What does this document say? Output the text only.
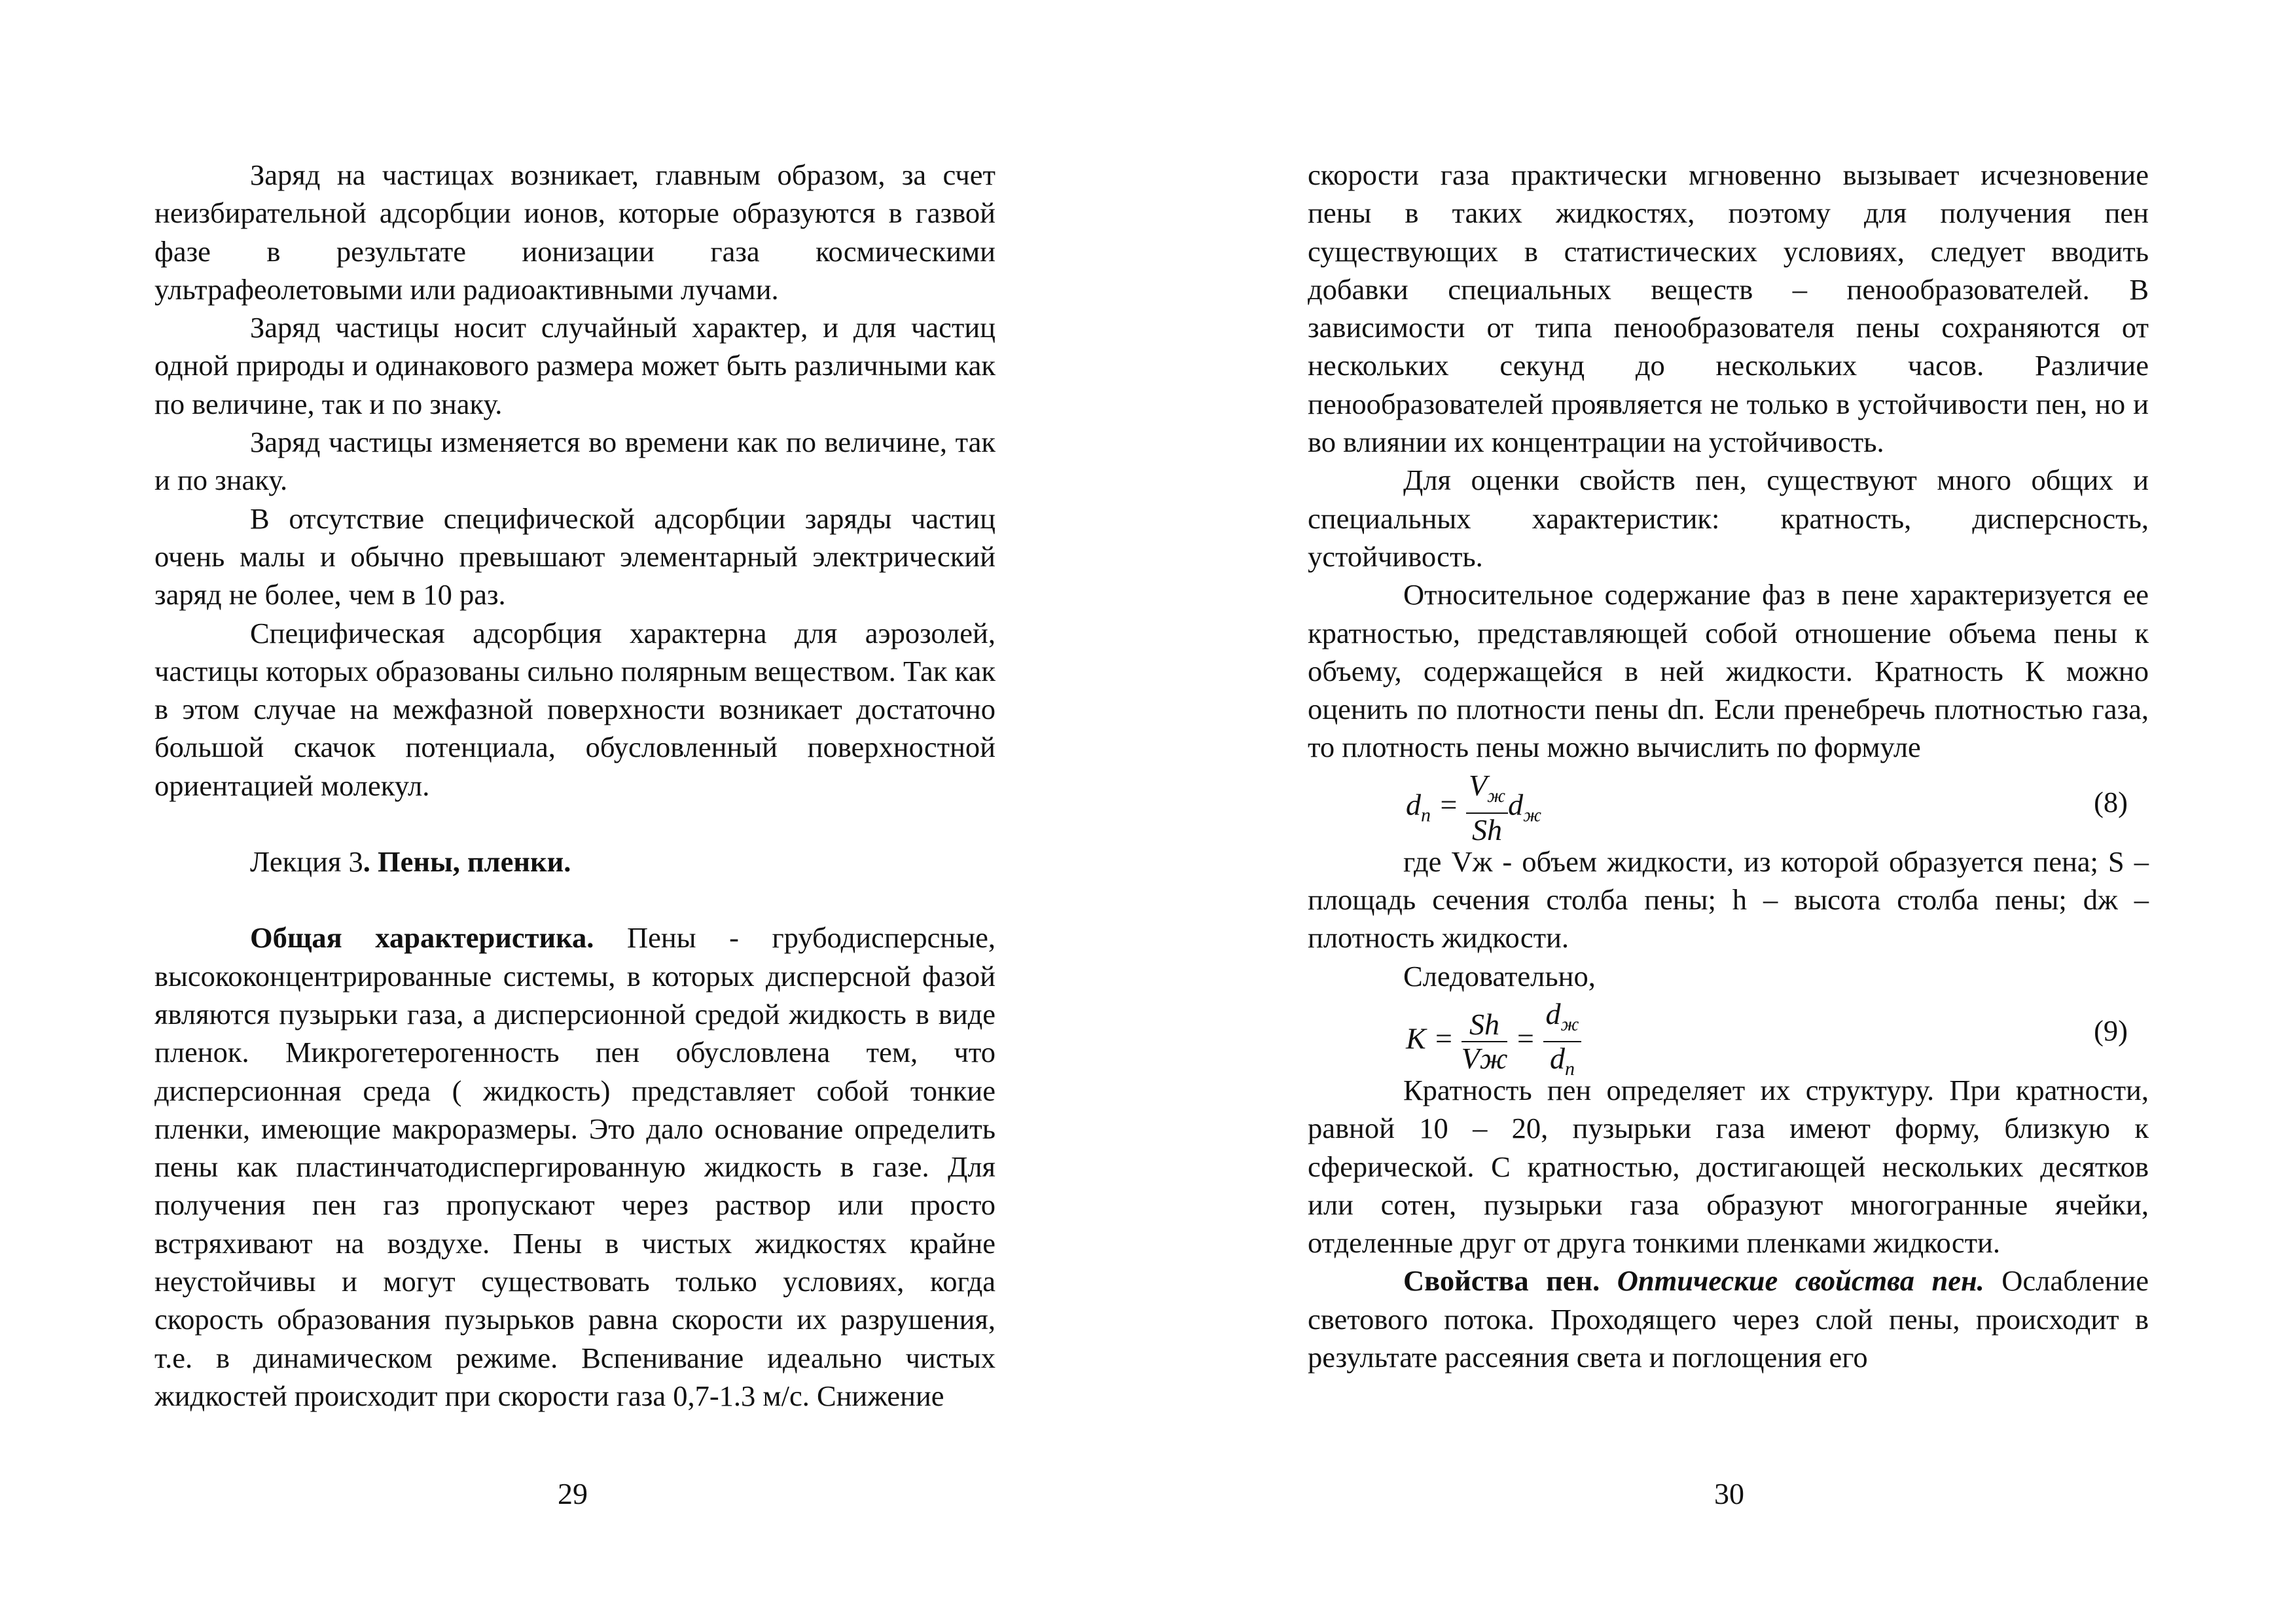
Заряд на частицах возникает, главным образом, за счет неизбирательной адсорбции ионов, которые образуются в газвой фазе в результате ионизации газа космическими ультрафеолетовыми или радиоактивными лучами.

Заряд частицы носит случайный характер, и для частиц одной природы и одинакового размера может быть различными как по величине, так и по знаку.

Заряд частицы изменяется во времени как по величине, так и по знаку.

В отсутствие специфической адсорбции заряды частиц очень малы и обычно превышают элементарный электрический заряд не более, чем в 10 раз.

Специфическая адсорбция характерна для аэрозолей, частицы которых образованы сильно полярным веществом. Так как в этом случае на межфазной поверхности возникает достаточно большой скачок потенциала, обусловленный поверхностной ориентацией молекул.

Лекция 3. Пены, пленки.

Общая характеристика. Пены - грубодисперсные, высококонцентрированные системы, в которых дисперсной фазой являются пузырьки газа, а дисперсионной средой жидкость в виде пленок. Микрогетерогенность пен обусловлена тем, что дисперсионная среда ( жидкость) представляет собой тонкие пленки, имеющие макроразмеры. Это дало основание определить пены как пластинчатодиспергированную жидкость в газе. Для получения пен газ пропускают через раствор или просто встряхивают на воздухе. Пены в чистых жидкостях крайне неустойчивы и могут существовать только условиях, когда скорость образования пузырьков равна скорости их разрушения, т.е. в динамическом режиме. Вспенивание идеально чистых жидкостей происходит при скорости газа 0,7-1.3 м/с. Снижение

29

скорости газа практически мгновенно вызывает исчезновение пены в таких жидкостях, поэтому для получения пен существующих в статистических условиях, следует вводить добавки специальных веществ – пенообразователей. В зависимости от типа пенообразователя пены сохраняются от нескольких секунд до нескольких часов. Различие пенообразователей проявляется не только в устойчивости пен, но и во влиянии их концентрации на устойчивость.

Для оценки свойств пен, существуют много общих и специальных характеристик: кратность, дисперсность, устойчивость.

Относительное содержание фаз в пене характеризуется ее кратностью, представляющей собой отношение объема пены к объему, содержащейся в ней жидкости. Кратность К можно оценить по плотности пены dп. Если пренебречь плотностью газа, то плотность пены можно вычислить по формуле

$d_п = \frac{V_ж}{Sh} d_ж$	(8)

где Vж - объем жидкости, из которой образуется пена; S – площадь сечения столба пены; h – высота столба пены; dж – плотность жидкости.

Следовательно,

$К = \frac{Sh}{Vж} = \frac{d_ж}{d_п}$	(9)

Кратность пен определяет их структуру. При кратности, равной 10 – 20, пузырьки газа имеют форму, близкую к сферической. С кратностью, достигающей нескольких десятков или сотен, пузырьки газа образуют многогранные ячейки, отделенные друг от друга тонкими пленками жидкости.

Свойства пен. Оптические свойства пен. Ослабление светового потока. Проходящего через слой пены, происходит в результате рассеяния света и поглощения его

30
